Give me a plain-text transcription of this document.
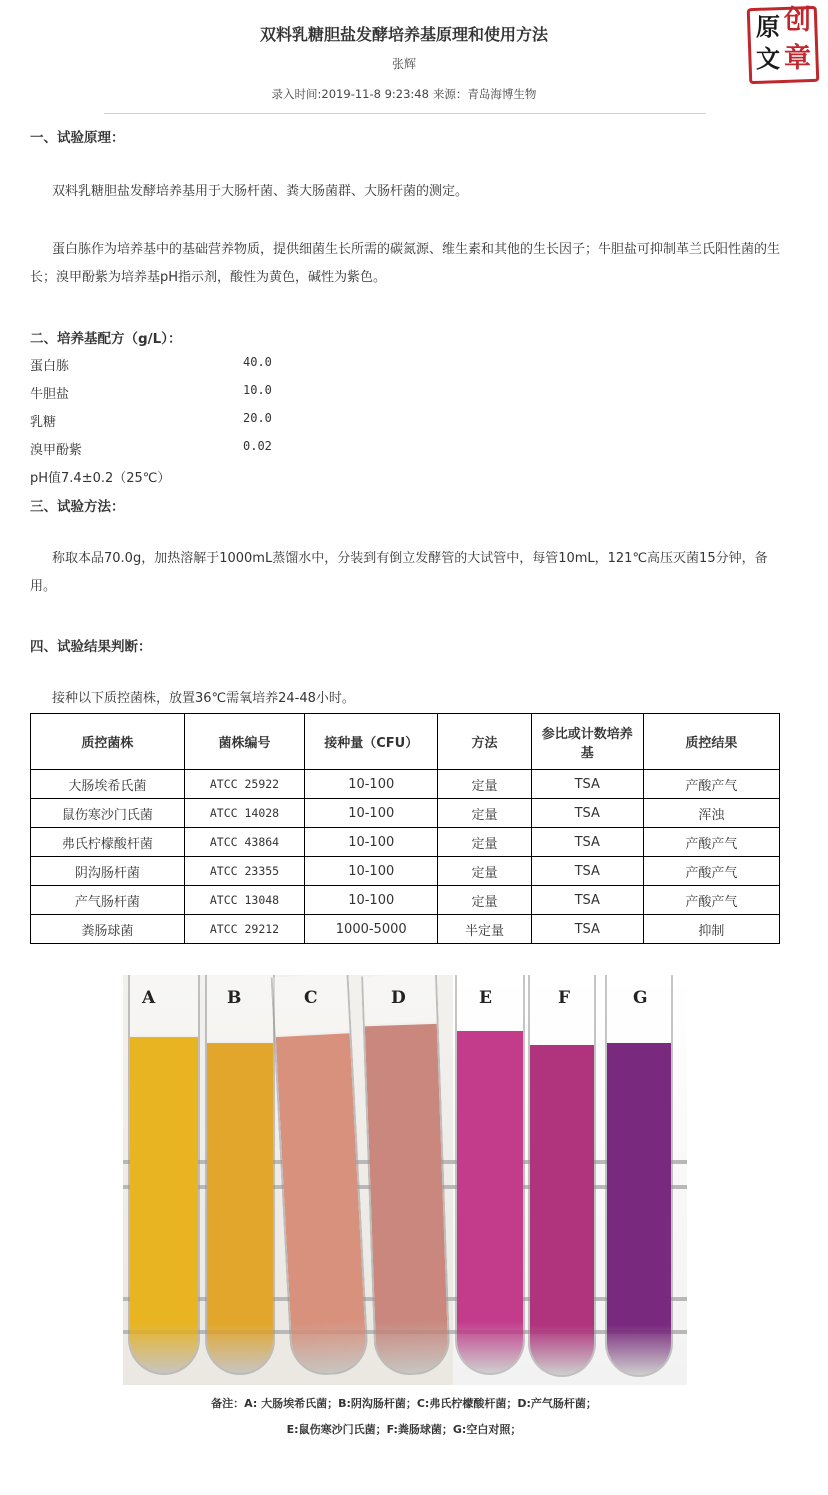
双料乳糖胆盐发酵培养基原理和使用方法
张辉
录入时间:2019-11-8 9:23:48 来源：青岛海博生物
原 创
文 章
一、试验原理：
双料乳糖胆盐发酵培养基用于大肠杆菌、粪大肠菌群、大肠杆菌的测定。
蛋白胨作为培养基中的基础营养物质，提供细菌生长所需的碳氮源、维生素和其他的生长因子；牛胆盐可抑制革兰氏阳性菌的生长；溴甲酚紫为培养基pH指示剂，酸性为黄色，碱性为紫色。
二、培养基配方（g/L）：
蛋白胨	40.0
牛胆盐	10.0
乳糖	20.0
溴甲酚紫	0.02
pH值7.4±0.2（25℃）
三、试验方法：
称取本品70.0g，加热溶解于1000mL蒸馏水中，分装到有倒立发酵管的大试管中，每管10mL，121℃高压灭菌15分钟，备用。
四、试验结果判断：
接种以下质控菌株，放置36℃需氧培养24-48小时。
质控菌株	菌株编号	接种量（CFU）	方法	参比或计数培养基	质控结果
大肠埃希氏菌	ATCC 25922	10-100	定量	TSA	产酸产气
鼠伤寒沙门氏菌	ATCC 14028	10-100	定量	TSA	浑浊
弗氏柠檬酸杆菌	ATCC 43864	10-100	定量	TSA	产酸产气
阴沟肠杆菌	ATCC 23355	10-100	定量	TSA	产酸产气
产气肠杆菌	ATCC 13048	10-100	定量	TSA	产酸产气
粪肠球菌	ATCC 29212	1000-5000	半定量	TSA	抑制
A	B	C	D	E	F	G
备注：A: 大肠埃希氏菌；B:阴沟肠杆菌；C:弗氏柠檬酸杆菌；D:产气肠杆菌；
E:鼠伤寒沙门氏菌；F:粪肠球菌；G:空白对照；
